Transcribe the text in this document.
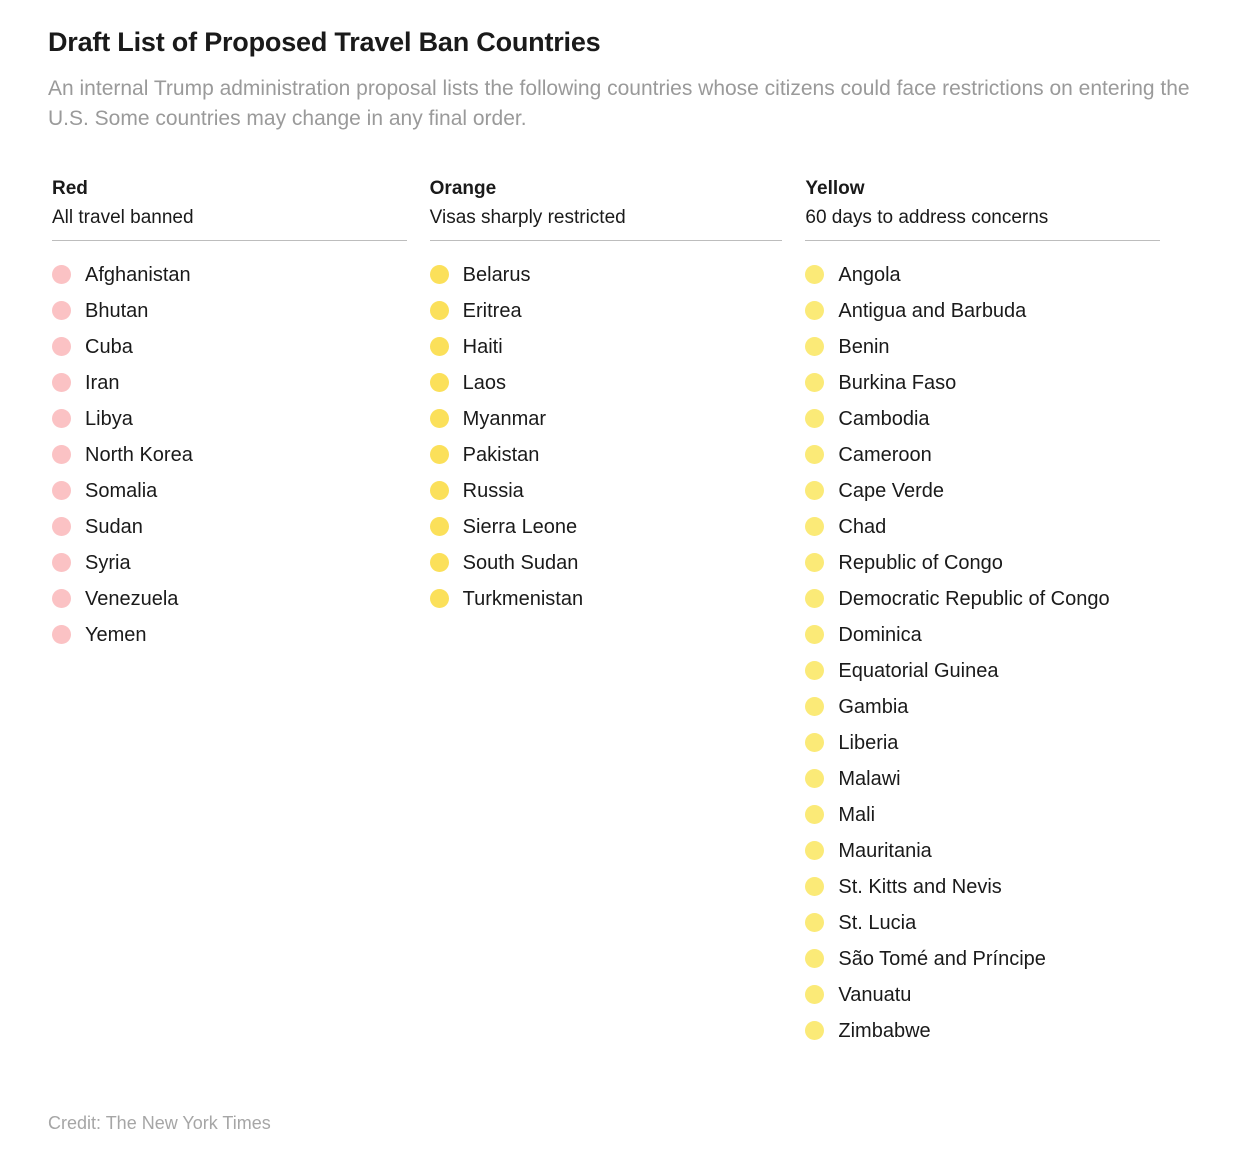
Draft List of Proposed Travel Ban Countries

An internal Trump administration proposal lists the following countries whose citizens could face restrictions on entering the U.S. Some countries may change in any final order.

Red
All travel banned
Afghanistan
Bhutan
Cuba
Iran
Libya
North Korea
Somalia
Sudan
Syria
Venezuela
Yemen
Orange
Visas sharply restricted
Belarus
Eritrea
Haiti
Laos
Myanmar
Pakistan
Russia
Sierra Leone
South Sudan
Turkmenistan
Yellow
60 days to address concerns
Angola
Antigua and Barbuda
Benin
Burkina Faso
Cambodia
Cameroon
Cape Verde
Chad
Republic of Congo
Democratic Republic of Congo
Dominica
Equatorial Guinea
Gambia
Liberia
Malawi
Mali
Mauritania
St. Kitts and Nevis
St. Lucia
São Tomé and Príncipe
Vanuatu
Zimbabwe
Credit: The New York Times
